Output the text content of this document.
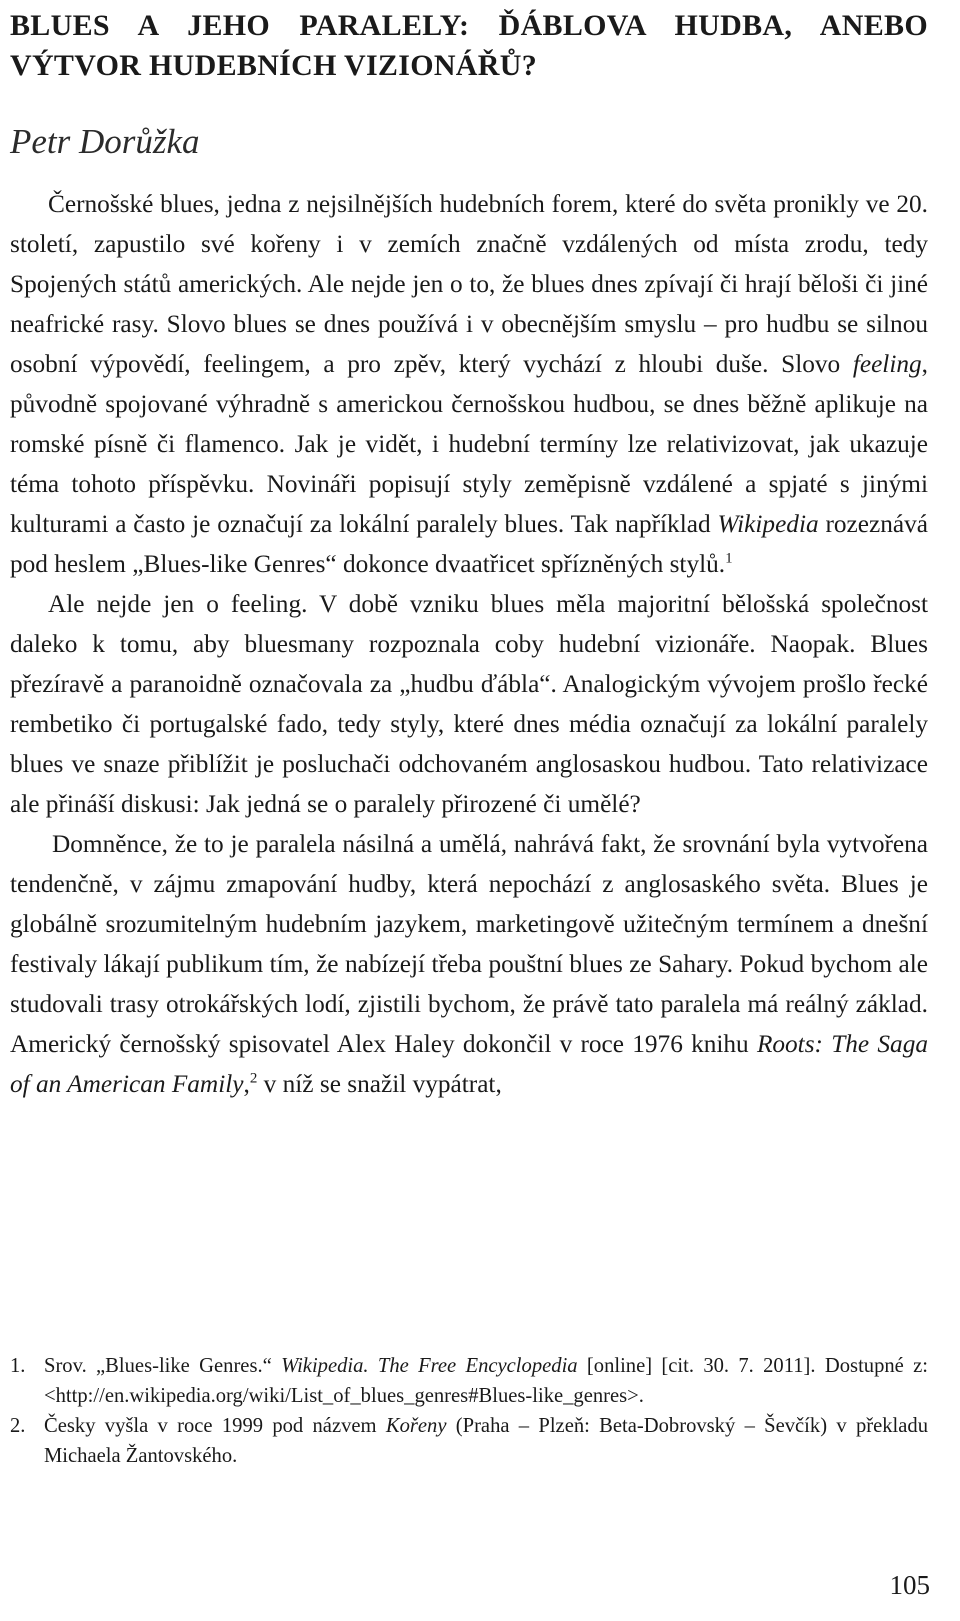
BLUES A JEHO PARALELY: ĎÁBLOVA HUDBA, ANEBO VÝTVOR HUDEBNÍCH VIZIONÁŘŮ?
Petr Dorůžka

Černošské blues, jedna z nejsilnějších hudebních forem, které do světa pronikly ve 20. století, zapustilo své kořeny i v zemích značně vzdálených od místa zrodu, tedy Spojených států amerických. Ale nejde jen o to, že blues dnes zpívají či hrají běloši či jiné neafrické rasy. Slovo blues se dnes používá i v obecnějším smyslu – pro hudbu se silnou osobní výpovědí, feelingem, a pro zpěv, který vychází z hloubi duše. Slovo feeling, původně spojované výhradně s americkou černošskou hudbou, se dnes běžně aplikuje na romské písně či flamenco. Jak je vidět, i hudební termíny lze relativizovat, jak ukazuje téma tohoto příspěvku. Novináři popisují styly zeměpisně vzdálené a spjaté s jinými kulturami a často je označují za lokální paralely blues. Tak například Wikipedia rozeznává pod heslem „Blues-like Genres“ dokonce dvaatřicet spřízněných stylů.$^1$

Ale nejde jen o feeling. V době vzniku blues měla majoritní bělošská společnost daleko k tomu, aby bluesmany rozpoznala coby hudební vizionáře. Naopak. Blues přezíravě a paranoidně označovala za „hudbu ďábla“. Analogickým vývojem prošlo řecké rembetiko či portugalské fado, tedy styly, které dnes média označují za lokální paralely blues ve snaze přiblížit je posluchači odchovaném anglosaskou hudbou. Tato relativizace ale přináší diskusi: Jak jedná se o paralely přirozené či umělé?

Domněnce, že to je paralela násilná a umělá, nahrává fakt, že srovnání byla vytvořena tendenčně, v zájmu zmapování hudby, která nepochází z anglosaského světa. Blues je globálně srozumitelným hudebním jazykem, marketingově užitečným termínem a dnešní festivaly lákají publikum tím, že nabízejí třeba pouštní blues ze Sahary. Pokud bychom ale studovali trasy otrokářských lodí, zjistili bychom, že právě tato paralela má reálný základ. Americký černošský spisovatel Alex Haley dokončil v roce 1976 knihu Roots: The Saga of an American Family,$^2$ v níž se snažil vypátrat,

1. Srov. „Blues-like Genres.“ Wikipedia. The Free Encyclopedia [online] [cit. 30. 7. 2011]. Dostupné z: <http://en.wikipedia.org/wiki/List_of_blues_genres#Blues-like_genres>.

2. Česky vyšla v roce 1999 pod názvem Kořeny (Praha – Plzeň: Beta-Dobrovský – Ševčík) v překladu Michaela Žantovského.

105
